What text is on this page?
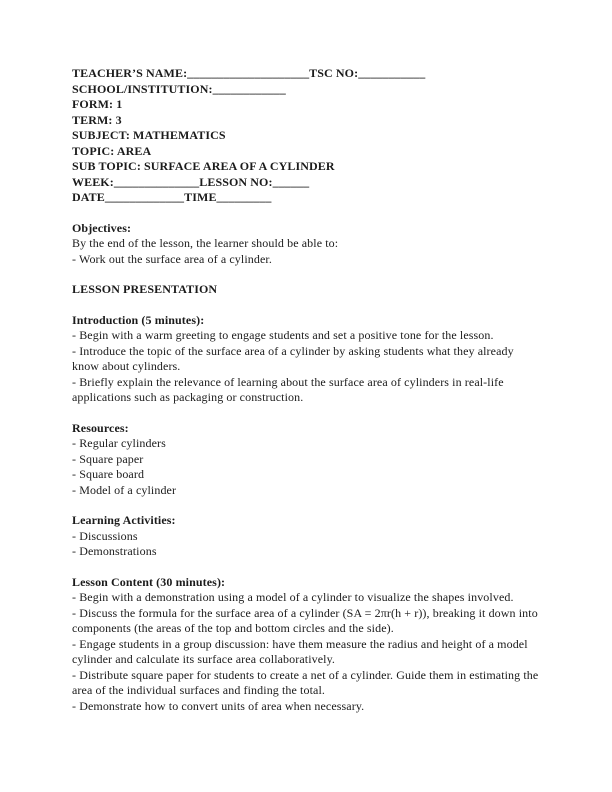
TEACHER’S NAME:____________________TSC NO:___________
SCHOOL/INSTITUTION:____________
FORM: 1
TERM: 3
SUBJECT: MATHEMATICS
TOPIC: AREA
SUB TOPIC: SURFACE AREA OF A CYLINDER
WEEK:______________LESSON NO:______
DATE_____________TIME_________
Objectives:
By the end of the lesson, the learner should be able to:
- Work out the surface area of a cylinder.
LESSON PRESENTATION
Introduction (5 minutes):
- Begin with a warm greeting to engage students and set a positive tone for the lesson.
- Introduce the topic of the surface area of a cylinder by asking students what they already know about cylinders.
- Briefly explain the relevance of learning about the surface area of cylinders in real-life applications such as packaging or construction.
Resources:
- Regular cylinders
- Square paper
- Square board
- Model of a cylinder
Learning Activities:
- Discussions
- Demonstrations
Lesson Content (30 minutes):
- Begin with a demonstration using a model of a cylinder to visualize the shapes involved.
- Discuss the formula for the surface area of a cylinder (SA = 2πr(h + r)), breaking it down into components (the areas of the top and bottom circles and the side).
- Engage students in a group discussion: have them measure the radius and height of a model cylinder and calculate its surface area collaboratively.
- Distribute square paper for students to create a net of a cylinder. Guide them in estimating the area of the individual surfaces and finding the total.
- Demonstrate how to convert units of area when necessary.
